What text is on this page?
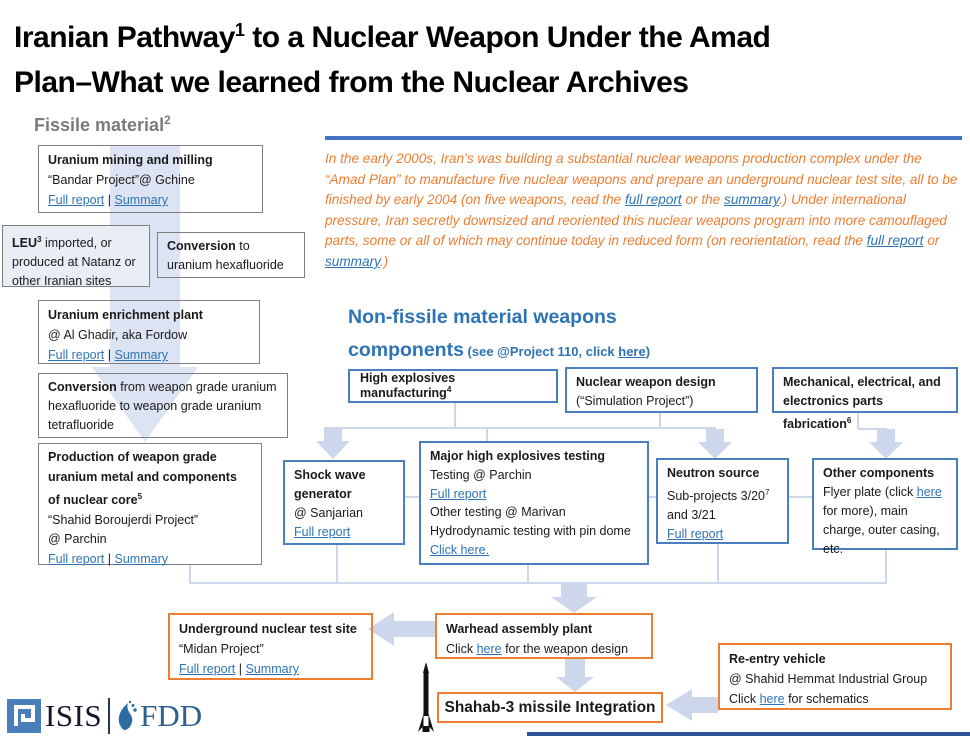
Iranian Pathway$^1$ to a Nuclear Weapon Under the Amad
Plan–What we learned from the Nuclear Archives
Fissile material$^2$
In the early 2000s, Iran’s was building a substantial nuclear weapons production complex under the “Amad Plan” to manufacture five nuclear weapons and prepare an underground nuclear test site, all to be finished by early 2004 (on five weapons, read the full report or the summary.) Under international pressure, Iran secretly downsized and reoriented this nuclear weapons program into more camouflaged parts, some or all of which may continue today in reduced form (on reorientation, read the full report or summary.)
Uranium mining and milling
“Bandar Project”@ Gchine
Full report | Summary
LEU$^3$ imported, or produced at Natanz or other Iranian sites
Conversion to uranium hexafluoride
Uranium enrichment plant
@ Al Ghadir, aka Fordow
Full report | Summary
Conversion from weapon grade uranium hexafluoride to weapon grade uranium tetrafluoride
Production of weapon grade uranium metal and components of nuclear core$^5$
“Shahid Boroujerdi Project”
@ Parchin
Full report | Summary
Non-fissile material weapons
components (see @Project 110, click here)
High explosives manufacturing$^4$
Nuclear weapon design
(“Simulation Project”)
Mechanical, electrical, and electronics parts fabrication$^6$
Shock wave
generator
@ Sanjarian
Full report
Major high explosives testing
Testing @ Parchin
Full report
Other testing @ Marivan
Hydrodynamic testing with pin dome
Click here.
Neutron source
Sub-projects $3/20^7$
and 3/21
Full report
Other components
Flyer plate (click here for more), main charge, outer casing, etc.
Underground nuclear test site
“Midan Project”
Full report | Summary
Warhead assembly plant
Click here for the weapon design
Re-entry vehicle
@ Shahid Hemmat Industrial Group
Click here for schematics
Shahab-3 missile Integration
ISIS FDD
